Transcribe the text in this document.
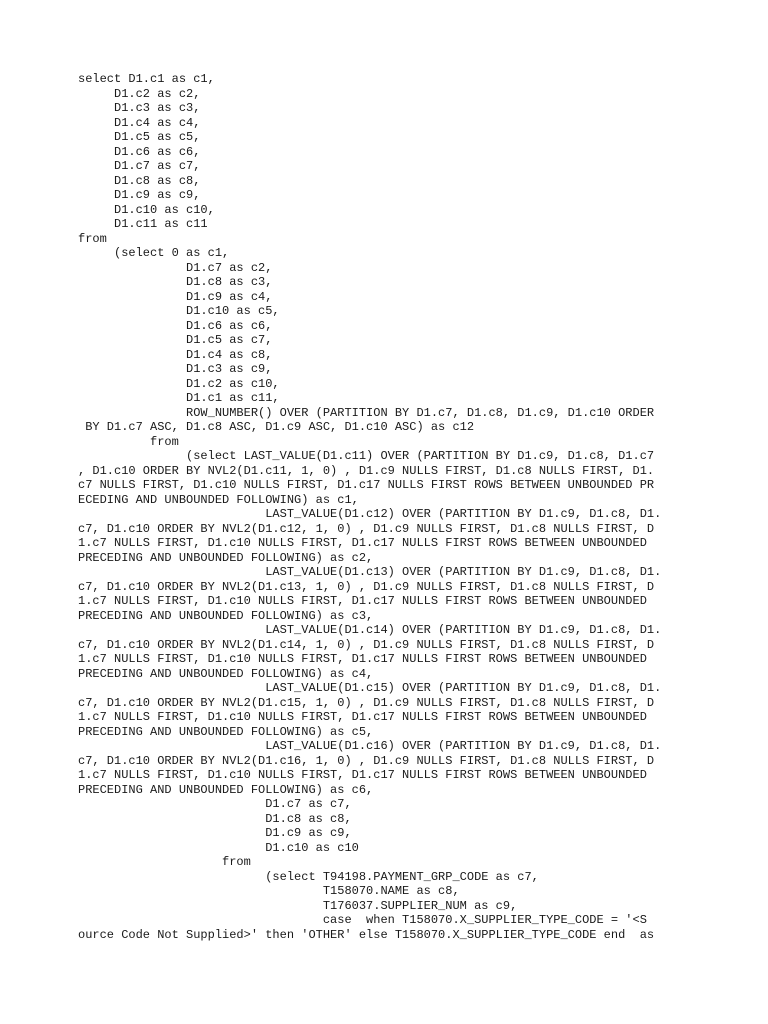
select D1.c1 as c1,
D1.c2 as c2,
D1.c3 as c3,
D1.c4 as c4,
D1.c5 as c5,
D1.c6 as c6,
D1.c7 as c7,
D1.c8 as c8,
D1.c9 as c9,
D1.c10 as c10,
D1.c11 as c11
from
(select 0 as c1,
D1.c7 as c2,
D1.c8 as c3,
D1.c9 as c4,
D1.c10 as c5,
D1.c6 as c6,
D1.c5 as c7,
D1.c4 as c8,
D1.c3 as c9,
D1.c2 as c10,
D1.c1 as c11,
ROW_NUMBER() OVER (PARTITION BY D1.c7, D1.c8, D1.c9, D1.c10 ORDER
BY D1.c7 ASC, D1.c8 ASC, D1.c9 ASC, D1.c10 ASC) as c12
from
(select LAST_VALUE(D1.c11) OVER (PARTITION BY D1.c9, D1.c8, D1.c7
, D1.c10 ORDER BY NVL2(D1.c11, 1, 0) , D1.c9 NULLS FIRST, D1.c8 NULLS FIRST, D1.
c7 NULLS FIRST, D1.c10 NULLS FIRST, D1.c17 NULLS FIRST ROWS BETWEEN UNBOUNDED PR
ECEDING AND UNBOUNDED FOLLOWING) as c1,
LAST_VALUE(D1.c12) OVER (PARTITION BY D1.c9, D1.c8, D1.
c7, D1.c10 ORDER BY NVL2(D1.c12, 1, 0) , D1.c9 NULLS FIRST, D1.c8 NULLS FIRST, D
1.c7 NULLS FIRST, D1.c10 NULLS FIRST, D1.c17 NULLS FIRST ROWS BETWEEN UNBOUNDED
PRECEDING AND UNBOUNDED FOLLOWING) as c2,
LAST_VALUE(D1.c13) OVER (PARTITION BY D1.c9, D1.c8, D1.
c7, D1.c10 ORDER BY NVL2(D1.c13, 1, 0) , D1.c9 NULLS FIRST, D1.c8 NULLS FIRST, D
1.c7 NULLS FIRST, D1.c10 NULLS FIRST, D1.c17 NULLS FIRST ROWS BETWEEN UNBOUNDED
PRECEDING AND UNBOUNDED FOLLOWING) as c3,
LAST_VALUE(D1.c14) OVER (PARTITION BY D1.c9, D1.c8, D1.
c7, D1.c10 ORDER BY NVL2(D1.c14, 1, 0) , D1.c9 NULLS FIRST, D1.c8 NULLS FIRST, D
1.c7 NULLS FIRST, D1.c10 NULLS FIRST, D1.c17 NULLS FIRST ROWS BETWEEN UNBOUNDED
PRECEDING AND UNBOUNDED FOLLOWING) as c4,
LAST_VALUE(D1.c15) OVER (PARTITION BY D1.c9, D1.c8, D1.
c7, D1.c10 ORDER BY NVL2(D1.c15, 1, 0) , D1.c9 NULLS FIRST, D1.c8 NULLS FIRST, D
1.c7 NULLS FIRST, D1.c10 NULLS FIRST, D1.c17 NULLS FIRST ROWS BETWEEN UNBOUNDED
PRECEDING AND UNBOUNDED FOLLOWING) as c5,
LAST_VALUE(D1.c16) OVER (PARTITION BY D1.c9, D1.c8, D1.
c7, D1.c10 ORDER BY NVL2(D1.c16, 1, 0) , D1.c9 NULLS FIRST, D1.c8 NULLS FIRST, D
1.c7 NULLS FIRST, D1.c10 NULLS FIRST, D1.c17 NULLS FIRST ROWS BETWEEN UNBOUNDED
PRECEDING AND UNBOUNDED FOLLOWING) as c6,
D1.c7 as c7,
D1.c8 as c8,
D1.c9 as c9,
D1.c10 as c10
from
(select T94198.PAYMENT_GRP_CODE as c7,
T158070.NAME as c8,
T176037.SUPPLIER_NUM as c9,
case  when T158070.X_SUPPLIER_TYPE_CODE = '<S
ource Code Not Supplied>' then 'OTHER' else T158070.X_SUPPLIER_TYPE_CODE end  as
